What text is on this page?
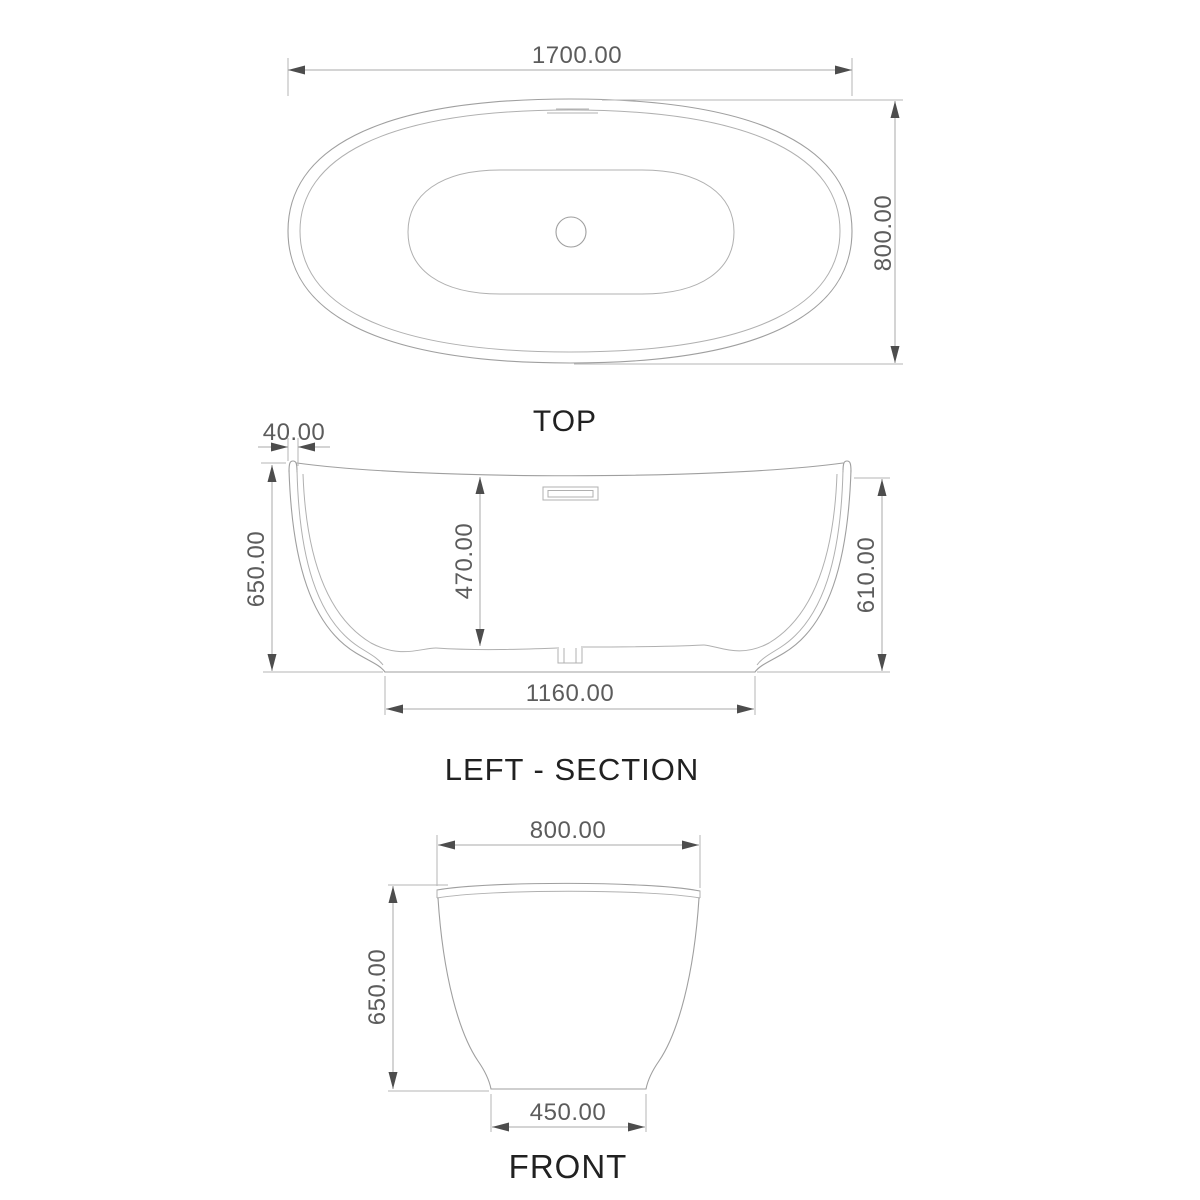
1700.00
800.00
TOP
40.00
650.00	470.00	610.00
1160.00
LEFT - SECTION
800.00
650.00
450.00
FRONT
